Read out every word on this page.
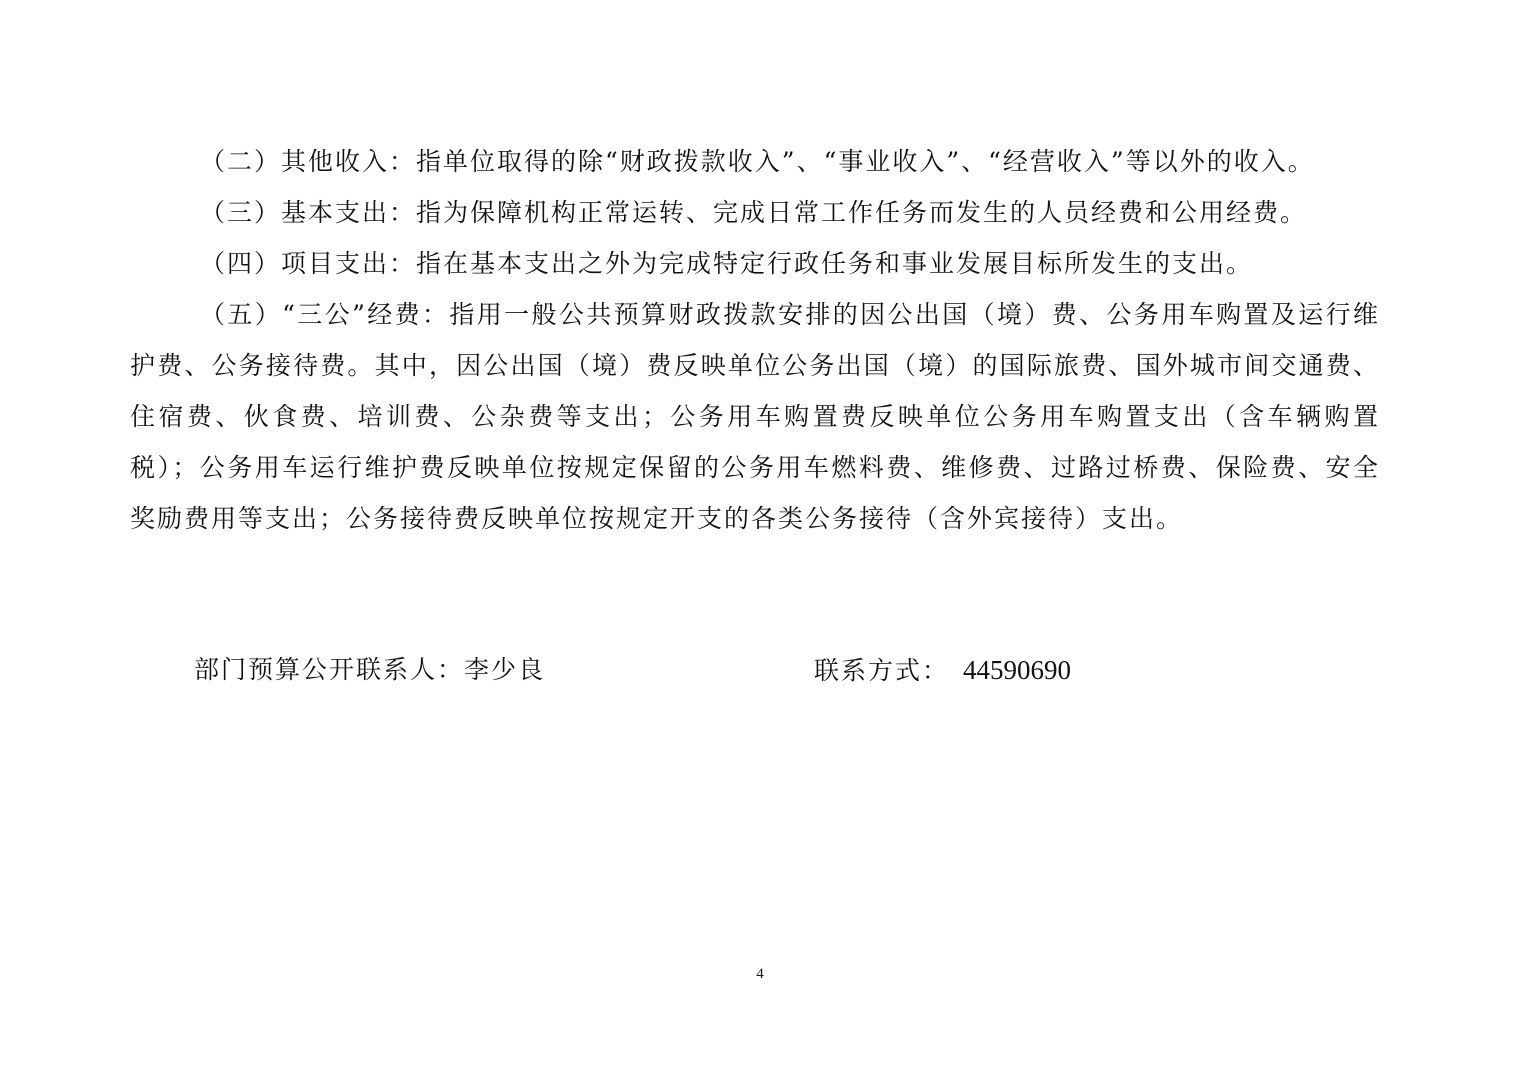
（二）其他收入：指单位取得的除“财政拨款收入”、“事业收入”、“经营收入”等以外的收入。

（三）基本支出：指为保障机构正常运转、完成日常工作任务而发生的人员经费和公用经费。

（四）项目支出：指在基本支出之外为完成特定行政任务和事业发展目标所发生的支出。

（五）“三公”经费：指用一般公共预算财政拨款安排的因公出国（境）费、公务用车购置及运行维护费、公务接待费。其中，因公出国（境）费反映单位公务出国（境）的国际旅费、国外城市间交通费、住宿费、伙食费、培训费、公杂费等支出；公务用车购置费反映单位公务用车购置支出（含车辆购置税）；公务用车运行维护费反映单位按规定保留的公务用车燃料费、维修费、过路过桥费、保险费、安全奖励费用等支出；公务接待费反映单位按规定开支的各类公务接待（含外宾接待）支出。

部门预算公开联系人：李少良	联系方式： 44590690
4
